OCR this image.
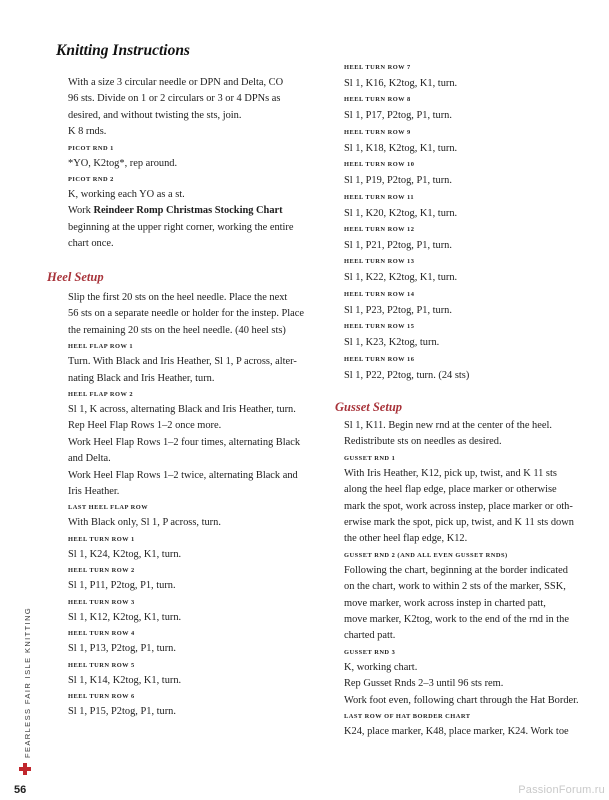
Knitting Instructions
With a size 3 circular needle or DPN and Delta, CO
96 sts. Divide on 1 or 2 circulars or 3 or 4 DPNs as
desired, and without twisting the sts, join.
K 8 rnds.
PICOT RND 1
*YO, K2tog*, rep around.
PICOT RND 2
K, working each YO as a st.
Work Reindeer Romp Christmas Stocking Chart
beginning at the upper right corner, working the entire
chart once.
Heel Setup
Slip the first 20 sts on the heel needle. Place the next
56 sts on a separate needle or holder for the instep. Place
the remaining 20 sts on the heel needle. (40 heel sts)
HEEL FLAP ROW 1
Turn. With Black and Iris Heather, Sl 1, P across, alter-
nating Black and Iris Heather, turn.
HEEL FLAP ROW 2
Sl 1, K across, alternating Black and Iris Heather, turn.
Rep Heel Flap Rows 1–2 once more.
Work Heel Flap Rows 1–2 four times, alternating Black
and Delta.
Work Heel Flap Rows 1–2 twice, alternating Black and
Iris Heather.
LAST HEEL FLAP ROW
With Black only, Sl 1, P across, turn.
HEEL TURN ROW 1
Sl 1, K24, K2tog, K1, turn.
HEEL TURN ROW 2
Sl 1, P11, P2tog, P1, turn.
HEEL TURN ROW 3
Sl 1, K12, K2tog, K1, turn.
HEEL TURN ROW 4
Sl 1, P13, P2tog, P1, turn.
HEEL TURN ROW 5
Sl 1, K14, K2tog, K1, turn.
HEEL TURN ROW 6
Sl 1, P15, P2tog, P1, turn.
HEEL TURN ROW 7
Sl 1, K16, K2tog, K1, turn.
HEEL TURN ROW 8
Sl 1, P17, P2tog, P1, turn.
HEEL TURN ROW 9
Sl 1, K18, K2tog, K1, turn.
HEEL TURN ROW 10
Sl 1, P19, P2tog, P1, turn.
HEEL TURN ROW 11
Sl 1, K20, K2tog, K1, turn.
HEEL TURN ROW 12
Sl 1, P21, P2tog, P1, turn.
HEEL TURN ROW 13
Sl 1, K22, K2tog, K1, turn.
HEEL TURN ROW 14
Sl 1, P23, P2tog, P1, turn.
HEEL TURN ROW 15
Sl 1, K23, K2tog, turn.
HEEL TURN ROW 16
Sl 1, P22, P2tog, turn. (24 sts)
Gusset Setup
Sl 1, K11. Begin new rnd at the center of the heel.
Redistribute sts on needles as desired.
GUSSET RND 1
With Iris Heather, K12, pick up, twist, and K 11 sts
along the heel flap edge, place marker or otherwise
mark the spot, work across instep, place marker or oth-
erwise mark the spot, pick up, twist, and K 11 sts down
the other heel flap edge, K12.
GUSSET RND 2 (AND ALL EVEN GUSSET RNDS)
Following the chart, beginning at the border indicated
on the chart, work to within 2 sts of the marker, SSK,
move marker, work across instep in charted patt,
move marker, K2tog, work to the end of the rnd in the
charted patt.
GUSSET RND 3
K, working chart.
Rep Gusset Rnds 2–3 until 96 sts rem.
Work foot even, following chart through the Hat Border.
LAST ROW OF HAT BORDER CHART
K24, place marker, K48, place marker, K24. Work toe
FEARLESS FAIR ISLE KNITTING
56	PassionForum.ru
